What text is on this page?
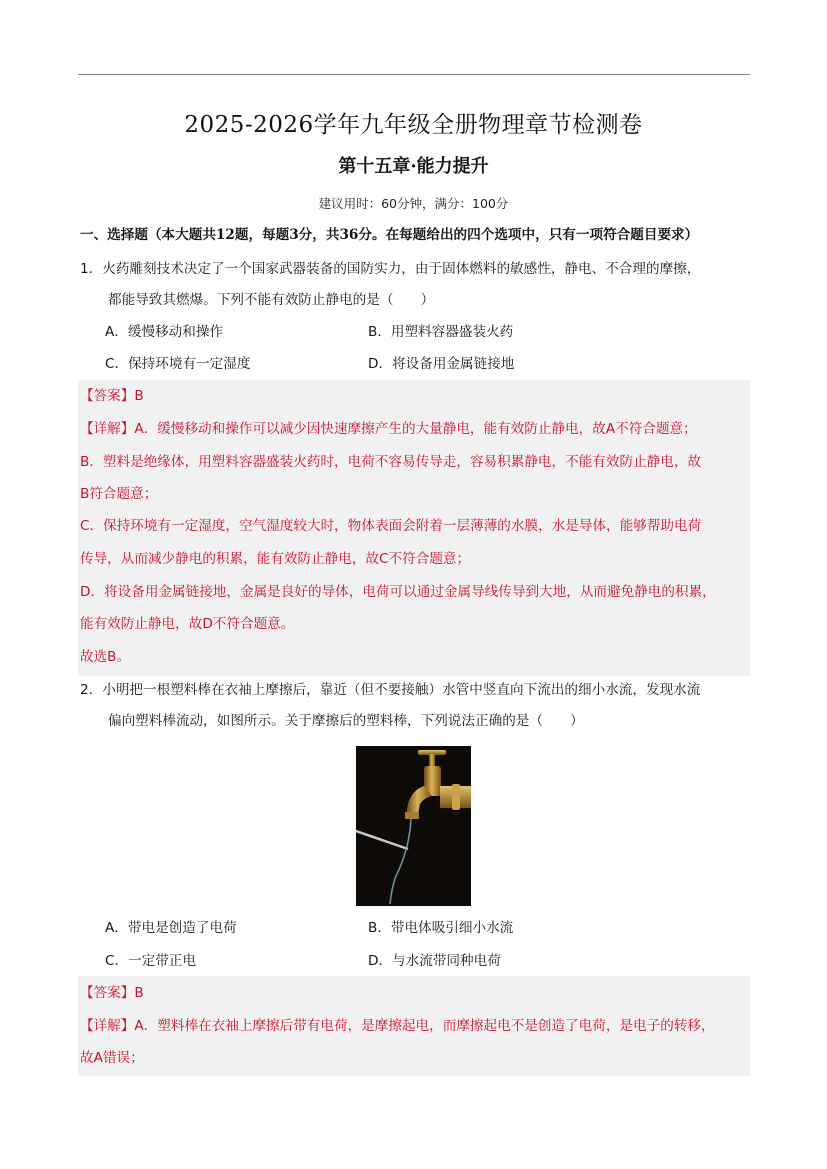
2025-2026学年九年级全册物理章节检测卷
第十五章·能力提升
建议用时：60分钟，满分：100分
一、选择题（本大题共12题，每题3分，共36分。在每题给出的四个选项中，只有一项符合题目要求）
1．火药雕刻技术决定了一个国家武器装备的国防实力，由于固体燃料的敏感性，静电、不合理的摩擦，
都能导致其燃爆。下列不能有效防止静电的是（　　）
A．缓慢移动和操作	B．用塑料容器盛装火药
C．保持环境有一定湿度	D．将设备用金属链接地
【答案】B
【详解】A．缓慢移动和操作可以减少因快速摩擦产生的大量静电，能有效防止静电，故A不符合题意；
B．塑料是绝缘体，用塑料容器盛装火药时，电荷不容易传导走，容易积累静电，不能有效防止静电，故
B符合题意；
C．保持环境有一定湿度，空气湿度较大时，物体表面会附着一层薄薄的水膜，水是导体，能够帮助电荷
传导，从而减少静电的积累，能有效防止静电，故C不符合题意；
D．将设备用金属链接地，金属是良好的导体，电荷可以通过金属导线传导到大地，从而避免静电的积累，
能有效防止静电，故D不符合题意。
故选B。
2．小明把一根塑料棒在衣袖上摩擦后，靠近（但不要接触）水管中竖直向下流出的细小水流，发现水流
偏向塑料棒流动，如图所示。关于摩擦后的塑料棒，下列说法正确的是（　　）
A．带电是创造了电荷	B．带电体吸引细小水流
C．一定带正电	D．与水流带同种电荷
【答案】B
【详解】A．塑料棒在衣袖上摩擦后带有电荷，是摩擦起电，而摩擦起电不是创造了电荷，是电子的转移，
故A错误；
